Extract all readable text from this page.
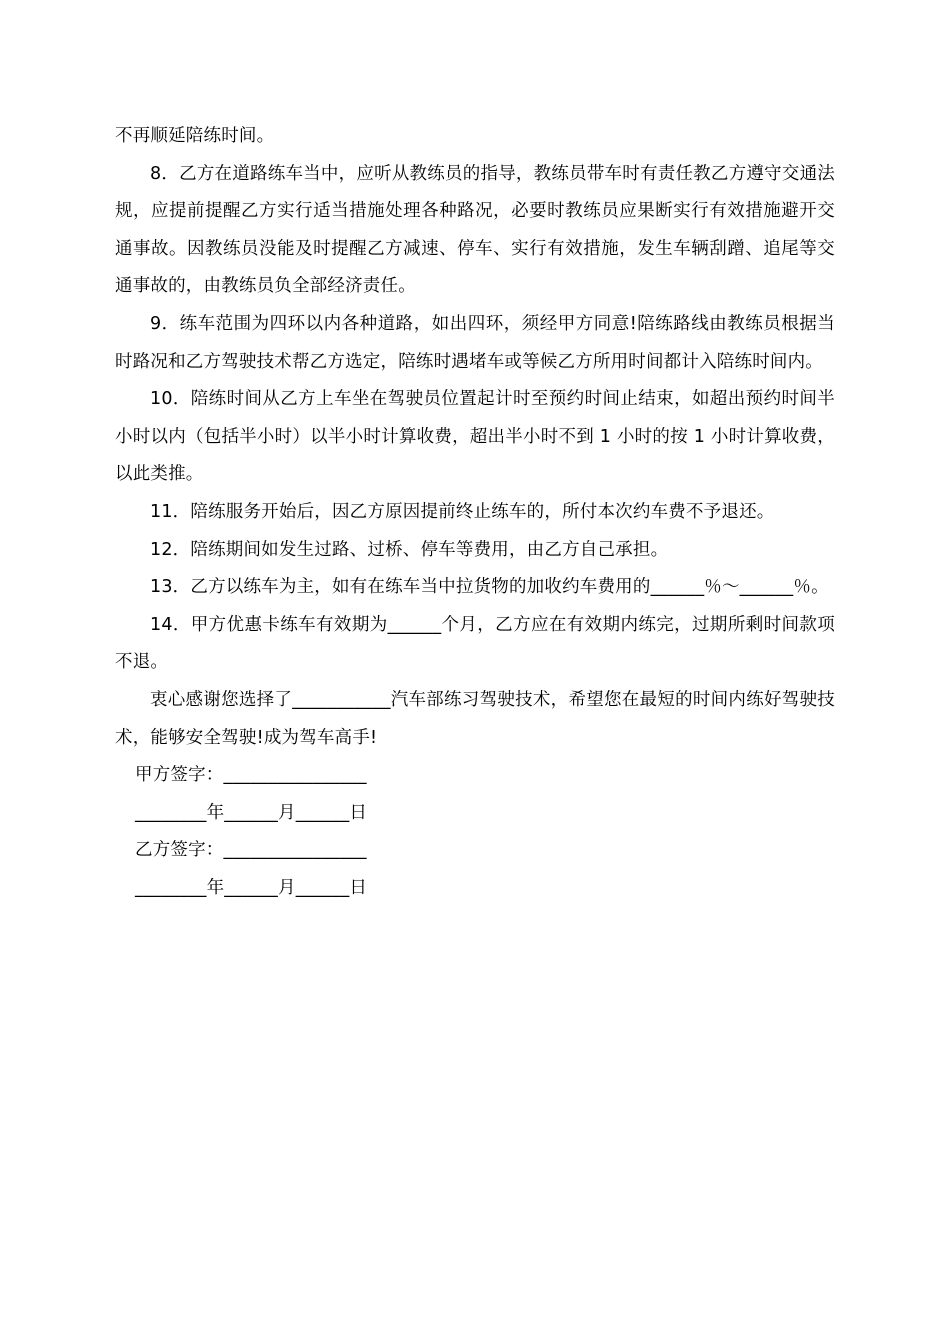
不再顺延陪练时间。

8．乙方在道路练车当中，应听从教练员的指导，教练员带车时有责任教乙方遵守交通法规，应提前提醒乙方实行适当措施处理各种路况，必要时教练员应果断实行有效措施避开交通事故。因教练员没能及时提醒乙方减速、停车、实行有效措施，发生车辆刮蹭、追尾等交通事故的，由教练员负全部经济责任。

9．练车范围为四环以内各种道路，如出四环，须经甲方同意!陪练路线由教练员根据当时路况和乙方驾驶技术帮乙方选定，陪练时遇堵车或等候乙方所用时间都计入陪练时间内。

10．陪练时间从乙方上车坐在驾驶员位置起计时至预约时间止结束，如超出预约时间半小时以内（包括半小时）以半小时计算收费，超出半小时不到 1 小时的按 1 小时计算收费，以此类推。

11．陪练服务开始后，因乙方原因提前终止练车的，所付本次约车费不予退还。

12．陪练期间如发生过路、过桥、停车等费用，由乙方自己承担。

13．乙方以练车为主，如有在练车当中拉货物的加收约车费用的______％～______％。

14．甲方优惠卡练车有效期为______个月，乙方应在有效期内练完，过期所剩时间款项不退。

衷心感谢您选择了___________汽车部练习驾驶技术，希望您在最短的时间内练好驾驶技术，能够安全驾驶!成为驾车高手!

甲方签字：________________

________年______月______日

乙方签字：________________

________年______月______日
